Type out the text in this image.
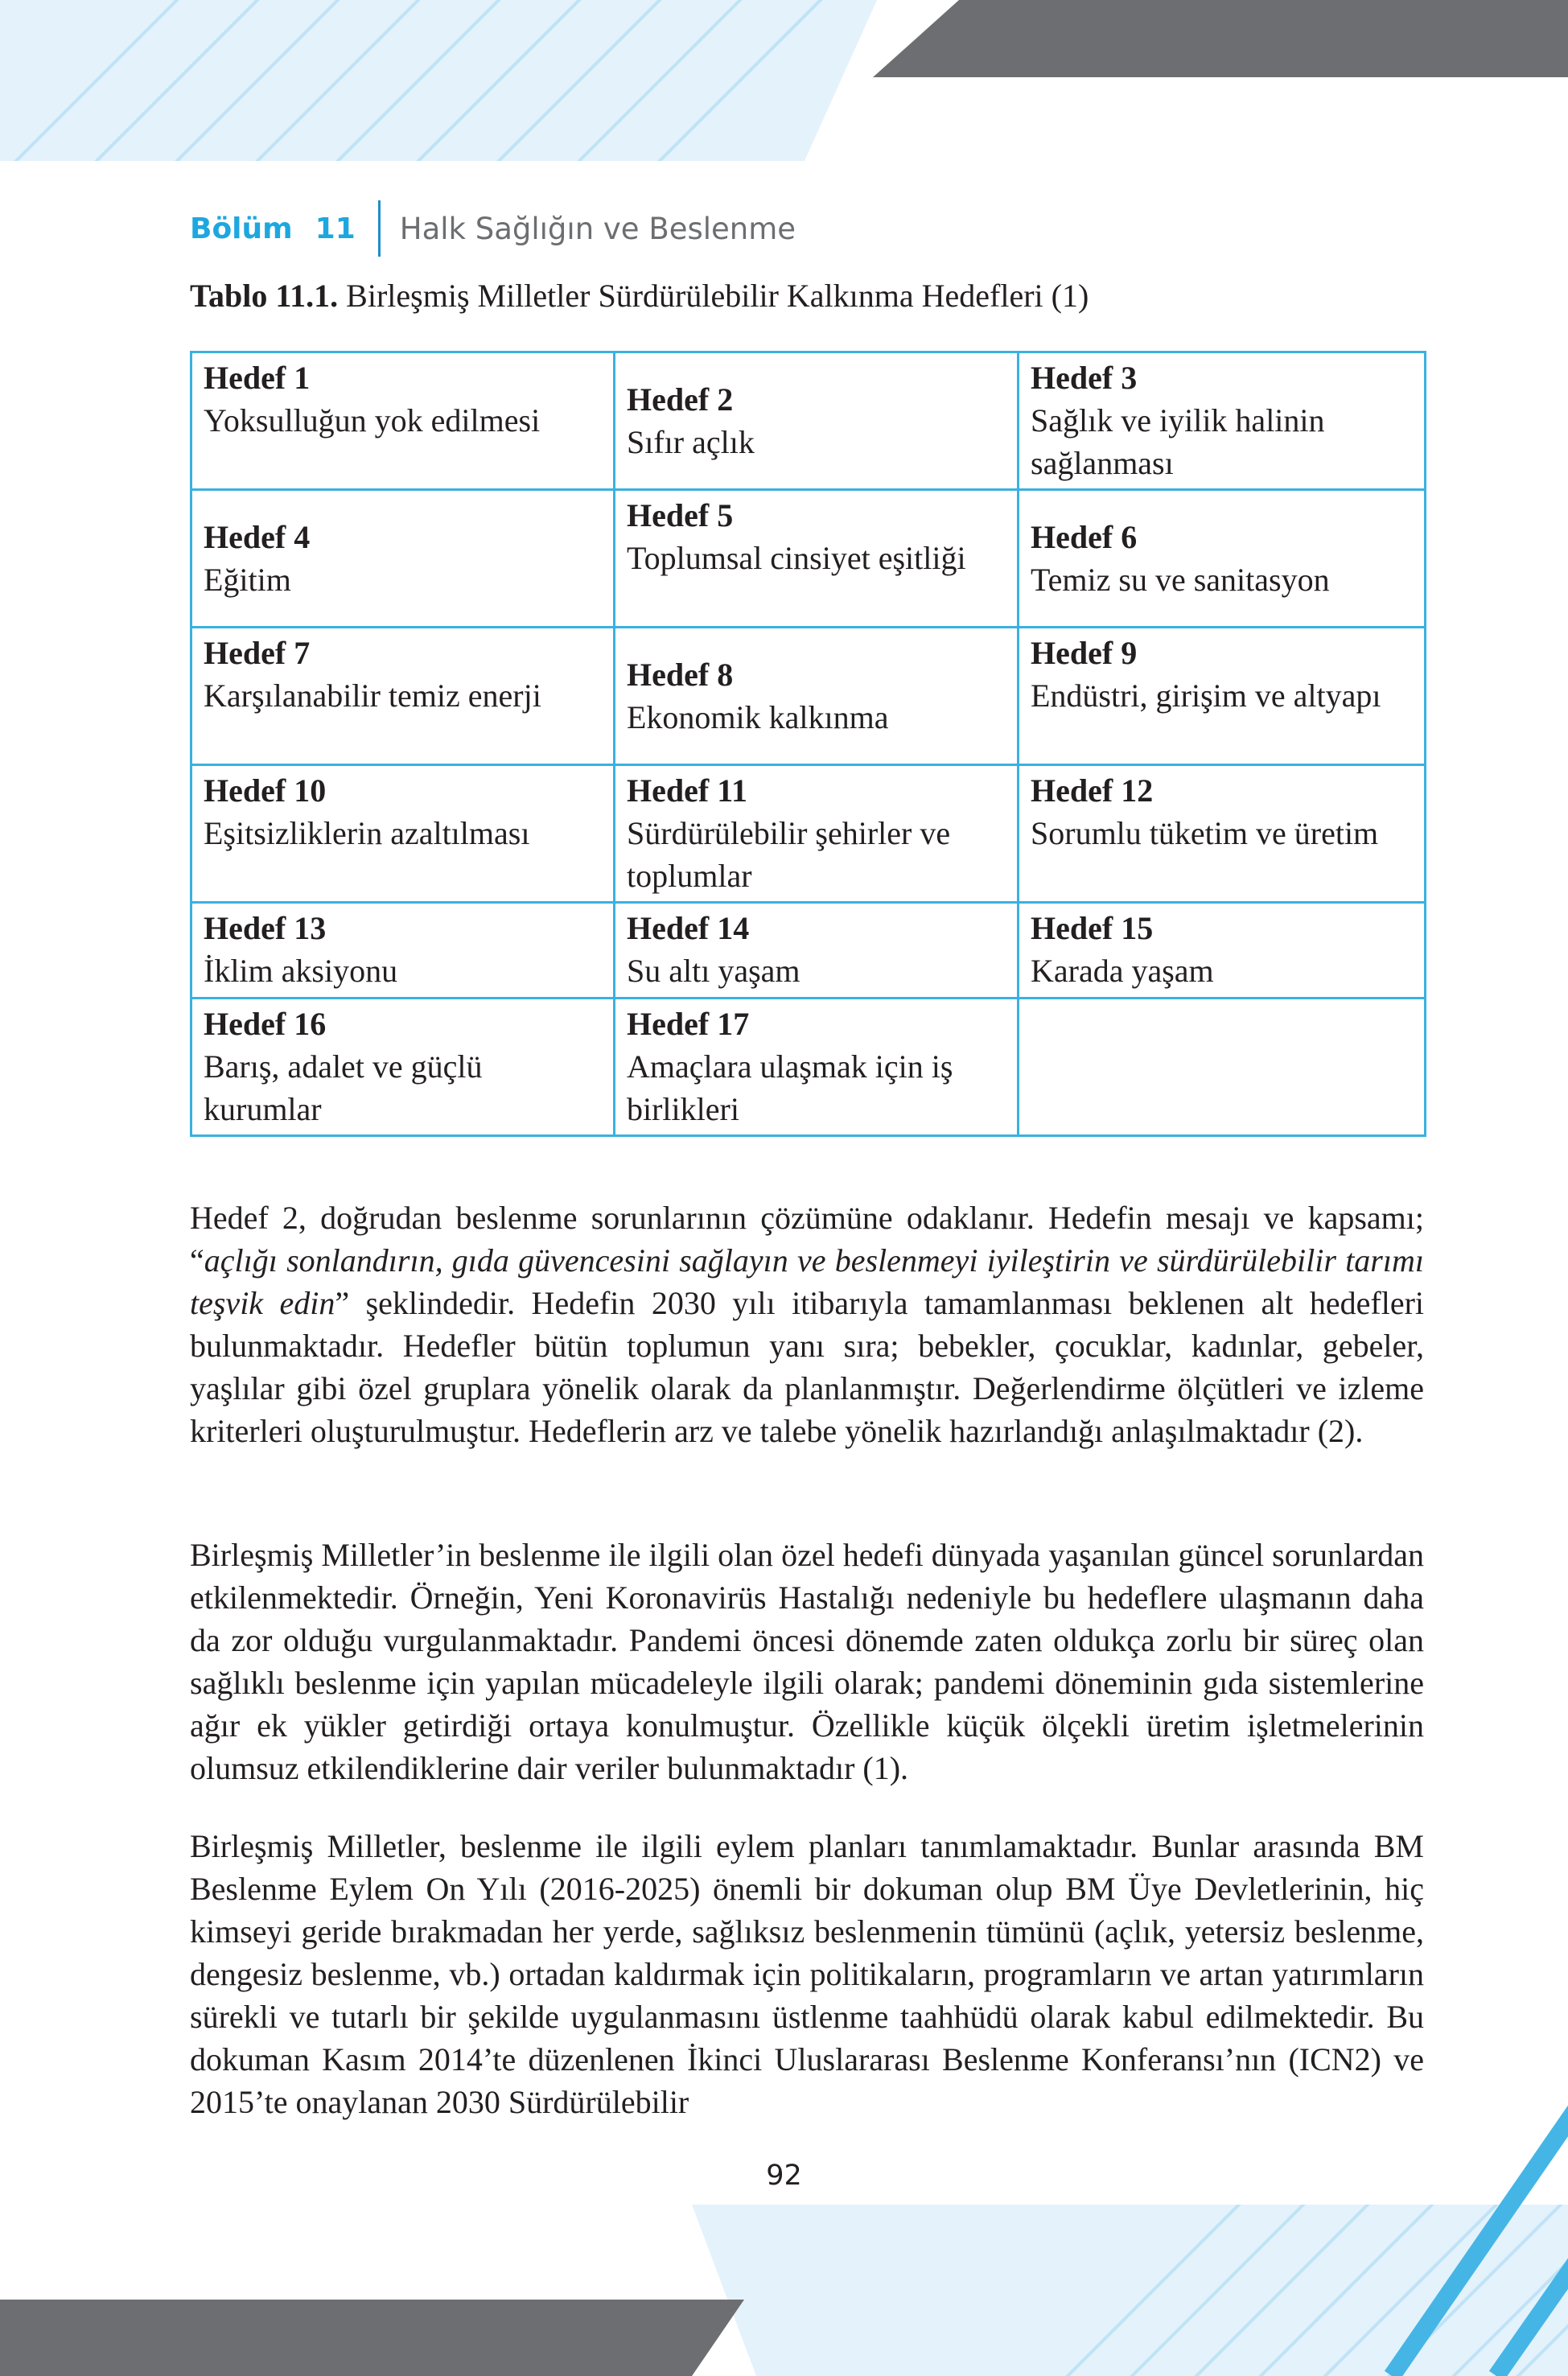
Bölüm 11 Halk Sağlığın ve Beslenme
Tablo 11.1. Birleşmiş Milletler Sürdürülebilir Kalkınma Hedefleri (1)
Hedef 1
Yoksulluğun yok edilmesi	Hedef 2
Sıfır açlık	Hedef 3
Sağlık ve iyilik halinin sağlanması

Hedef 4
Eğitim	Hedef 5
Toplumsal cinsiyet eşitliği	Hedef 6
Temiz su ve sanitasyon

Hedef 7
Karşılanabilir temiz enerji	Hedef 8
Ekonomik kalkınma	Hedef 9
Endüstri, girişim ve altyapı

Hedef 10
Eşitsizliklerin azaltılması	Hedef 11
Sürdürülebilir şehirler ve toplumlar	Hedef 12
Sorumlu tüketim ve üretim

Hedef 13
İklim aksiyonu	Hedef 14
Su altı yaşam	Hedef 15
Karada yaşam

Hedef 16
Barış, adalet ve güçlü kurumlar	Hedef 17
Amaçlara ulaşmak için iş birlikleri	

Hedef 2, doğrudan beslenme sorunlarının çözümüne odaklanır. Hedefin mesajı ve kapsamı; “açlığı sonlandırın, gıda güvencesini sağlayın ve beslenmeyi iyileştirin ve sürdürülebilir tarımı teşvik edin” şeklindedir. Hedefin 2030 yılı itibarıyla tamamlanması beklenen alt hedefleri bulunmaktadır. Hedefler bütün toplumun yanı sıra; bebekler, çocuklar, kadınlar, gebeler, yaşlılar gibi özel gruplara yönelik olarak da planlanmıştır. Değerlendirme ölçütleri ve izleme kriterleri oluşturulmuştur. Hedeflerin arz ve talebe yönelik hazırlandığı anlaşılmaktadır (2).

Birleşmiş Milletler’in beslenme ile ilgili olan özel hedefi dünyada yaşanılan güncel sorunlardan etkilenmektedir. Örneğin, Yeni Koronavirüs Hastalığı nedeniyle bu hedeflere ulaşmanın daha da zor olduğu vurgulanmaktadır. Pandemi öncesi dönemde zaten oldukça zorlu bir süreç olan sağlıklı beslenme için yapılan mücadeleyle ilgili olarak; pandemi döneminin gıda sistemlerine ağır ek yükler getirdiği ortaya konulmuştur. Özellikle küçük ölçekli üretim işletmelerinin olumsuz etkilendiklerine dair veriler bulunmaktadır (1).

Birleşmiş Milletler, beslenme ile ilgili eylem planları tanımlamaktadır. Bunlar arasında BM Beslenme Eylem On Yılı (2016-2025) önemli bir dokuman olup BM Üye Devletlerinin, hiç kimseyi geride bırakmadan her yerde, sağlıksız beslenmenin tümünü (açlık, yetersiz beslenme, dengesiz beslenme, vb.) ortadan kaldırmak için politikaların, programların ve artan yatırımların sürekli ve tutarlı bir şekilde uygulanmasını üstlenme taahhüdü olarak kabul edilmektedir. Bu dokuman Kasım 2014’te düzenlenen İkinci Uluslararası Beslenme Konferansı’nın (ICN2) ve 2015’te onaylanan 2030 Sürdürülebilir

92
